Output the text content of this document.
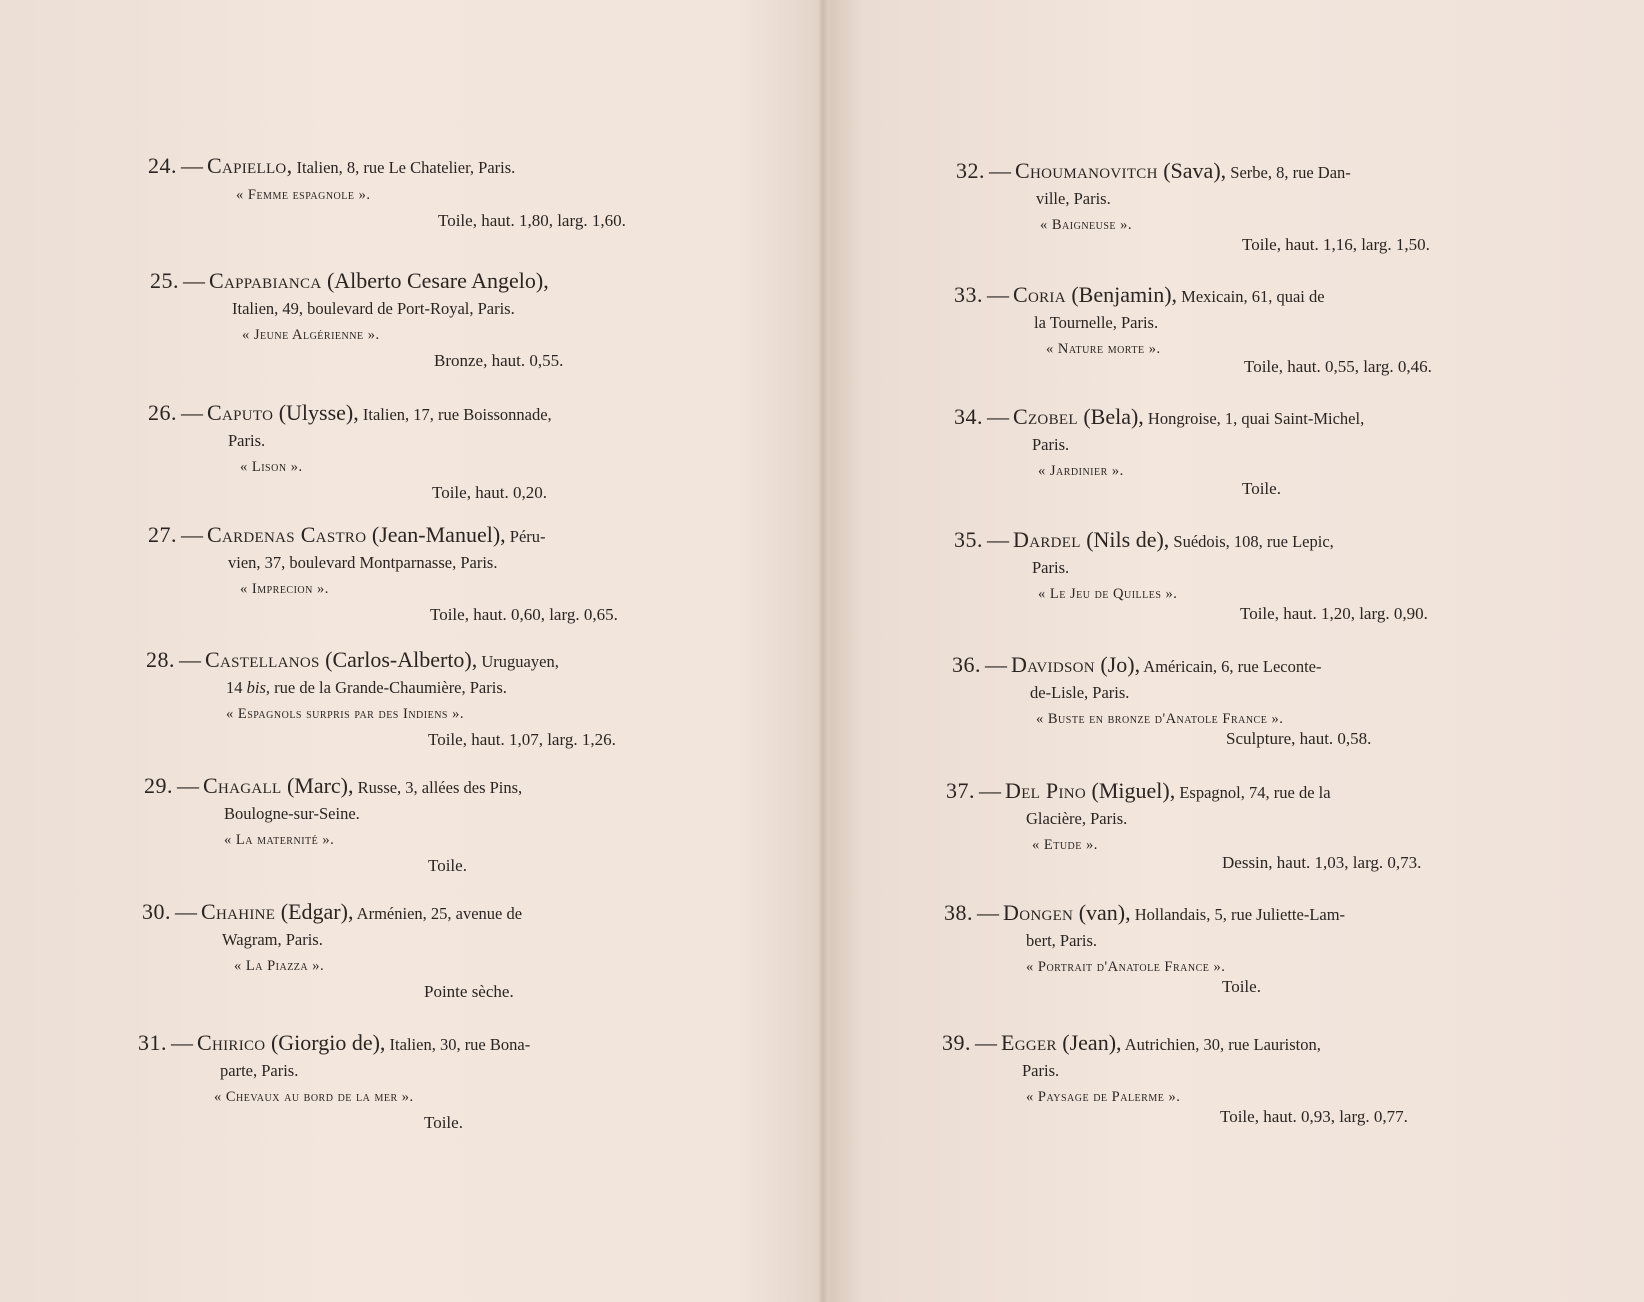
24. — Capiello, Italien, 8, rue Le Chatelier, Paris.

« Femme espagnole ».

Toile, haut. 1,80, larg. 1,60.

25. — Cappabianca (Alberto Cesare Angelo),

Italien, 49, boulevard de Port-Royal, Paris.

« Jeune Algérienne ».

Bronze, haut. 0,55.

26. — Caputo (Ulysse), Italien, 17, rue Boissonnade,

Paris.

« Lison ».

Toile, haut. 0,20.

27. — Cardenas Castro (Jean-Manuel), Péru-

vien, 37, boulevard Montparnasse, Paris.

« Imprecion ».

Toile, haut. 0,60, larg. 0,65.

28. — Castellanos (Carlos-Alberto), Uruguayen,

14 bis, rue de la Grande-Chaumière, Paris.

« Espagnols surpris par des Indiens ».

Toile, haut. 1,07, larg. 1,26.

29. — Chagall (Marc), Russe, 3, allées des Pins,

Boulogne-sur-Seine.

« La maternité ».

Toile.

30. — Chahine (Edgar), Arménien, 25, avenue de

Wagram, Paris.

« La Piazza ».

Pointe sèche.

31. — Chirico (Giorgio de), Italien, 30, rue Bona-

parte, Paris.

« Chevaux au bord de la mer ».

Toile.

32. — Choumanovitch (Sava), Serbe, 8, rue Dan-

ville, Paris.

« Baigneuse ».

Toile, haut. 1,16, larg. 1,50.

33. — Coria (Benjamin), Mexicain, 61, quai de

la Tournelle, Paris.

« Nature morte ».

Toile, haut. 0,55, larg. 0,46.

34. — Czobel (Bela), Hongroise, 1, quai Saint-Michel,

Paris.

« Jardinier ».

Toile.

35. — Dardel (Nils de), Suédois, 108, rue Lepic,

Paris.

« Le Jeu de Quilles ».

Toile, haut. 1,20, larg. 0,90.

36. — Davidson (Jo), Américain, 6, rue Leconte-

de-Lisle, Paris.

« Buste en bronze d'Anatole France ».

Sculpture, haut. 0,58.

37. — Del Pino (Miguel), Espagnol, 74, rue de la

Glacière, Paris.

« Etude ».

Dessin, haut. 1,03, larg. 0,73.

38. — Dongen (van), Hollandais, 5, rue Juliette-Lam-

bert, Paris.

« Portrait d'Anatole France ».

Toile.

39. — Egger (Jean), Autrichien, 30, rue Lauriston,

Paris.

« Paysage de Palerme ».

Toile, haut. 0,93, larg. 0,77.
